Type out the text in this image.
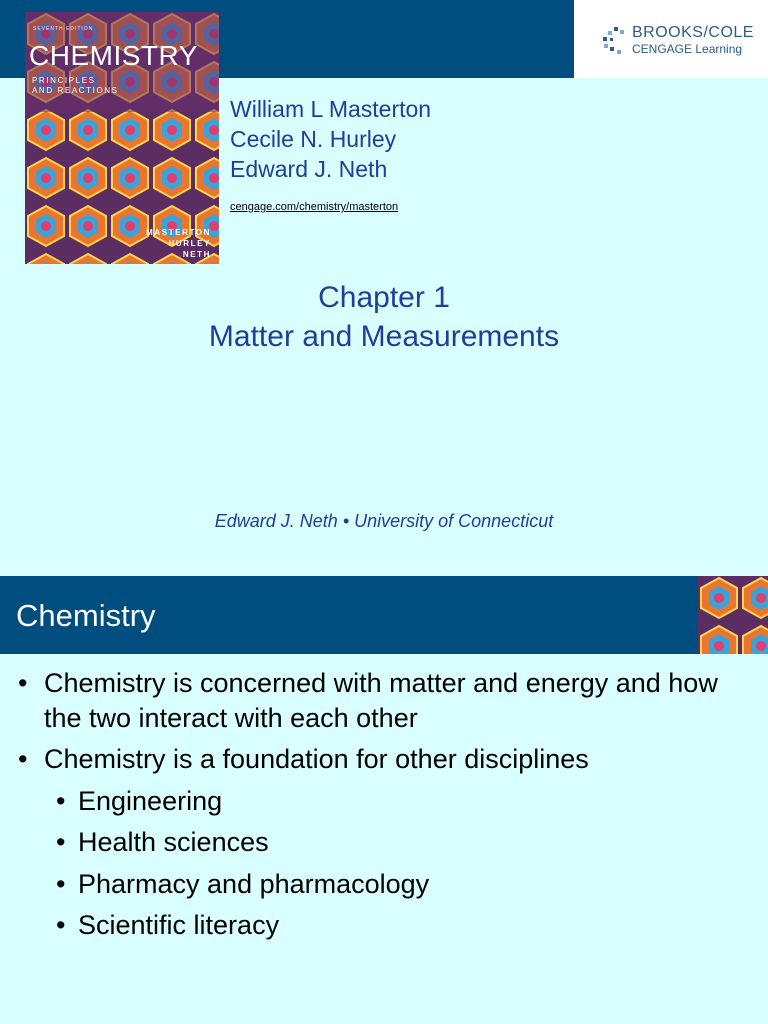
BROOKS/COLE
CENGAGE Learning
SEVENTH EDITION
CHEMISTRY
PRINCIPLES
AND REACTIONS
MASTERTON
HURLEY
NETH
William L Masterton
Cecile N. Hurley
Edward J. Neth
cengage.com/chemistry/masterton
Chapter 1
Matter and Measurements
Edward J. Neth • University of Connecticut
Chemistry
• Chemistry is concerned with matter and energy and how the two interact with each other
• Chemistry is a foundation for other disciplines
• Engineering
• Health sciences
• Pharmacy and pharmacology
• Scientific literacy
